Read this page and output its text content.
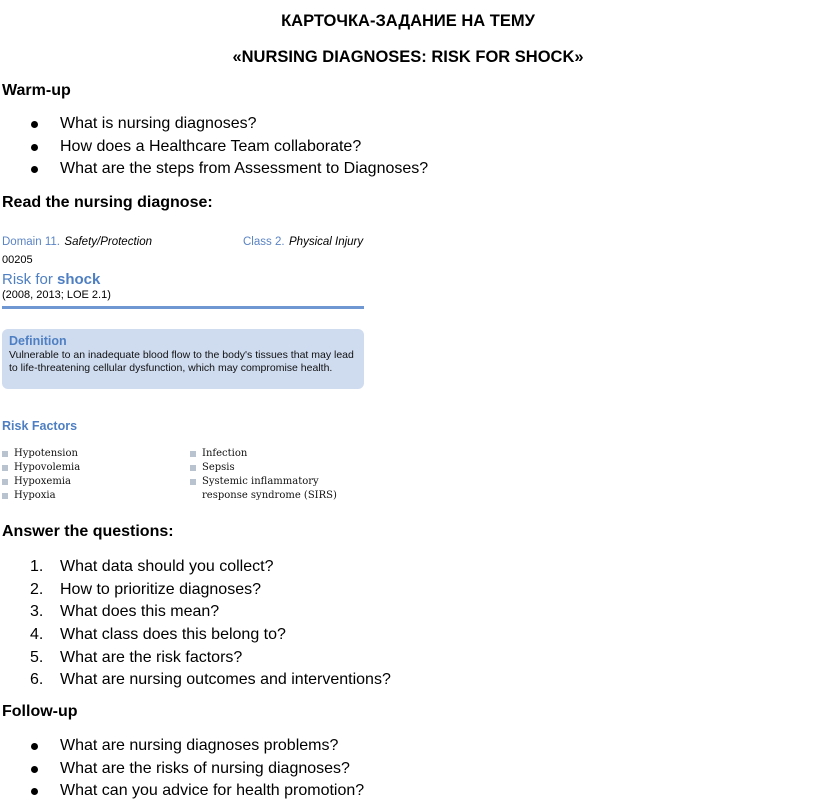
КАРТОЧКА-ЗАДАНИЕ НА ТЕМУ
«NURSING DIAGNOSES: RISK FOR SHOCK»
Warm-up
What is nursing diagnoses?
How does a Healthcare Team collaborate?
What are the steps from Assessment to Diagnoses?
Read the nursing diagnose:
Domain 11. Safety/Protection	Class 2. Physical Injury
00205
Risk for shock
(2008, 2013; LOE 2.1)
Definition
Vulnerable to an inadequate blood flow to the body's tissues that may lead to life-threatening cellular dysfunction, which may compromise health.
Risk Factors
Hypotension
Hypovolemia
Hypoxemia
Hypoxia
Infection
Sepsis
Systemic inflammatory
response syndrome (SIRS)
Answer the questions:
1. What data should you collect?
2. How to prioritize diagnoses?
3. What does this mean?
4. What class does this belong to?
5. What are the risk factors?
6. What are nursing outcomes and interventions?
Follow-up
What are nursing diagnoses problems?
What are the risks of nursing diagnoses?
What can you advice for health promotion?
